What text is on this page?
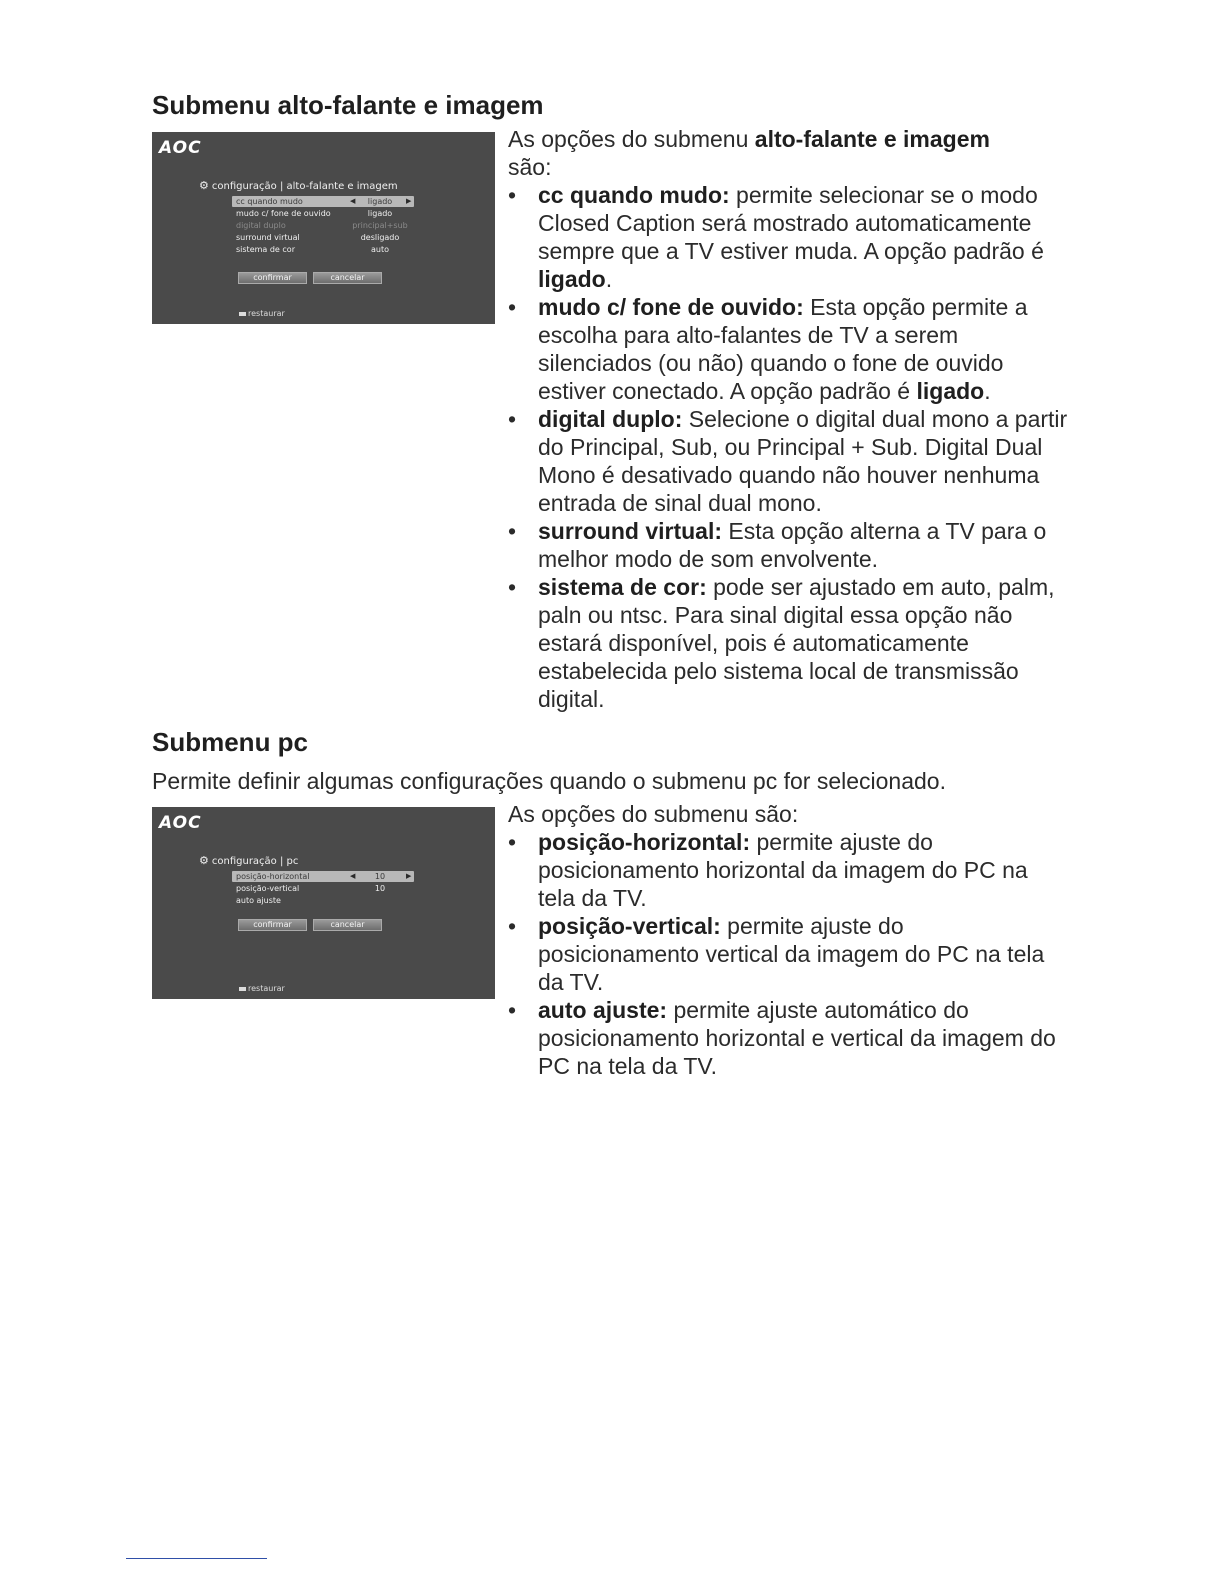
Submenu alto-falante e imagem
AOC
⚙ configuração | alto-falante e imagem
cc quando mudo	◀	ligado	▶
mudo c/ fone de ouvido	ligado
digital duplo	principal+sub
surround virtual	desligado
sistema de cor	auto
confirmar	cancelar
restaurar

As opções do submenu alto-falante e imagem
são:

• cc quando mudo: permite selecionar se o modo Closed Caption será mostrado automaticamente sempre que a TV estiver muda. A opção padrão é ligado.
• mudo c/ fone de ouvido: Esta opção permite a escolha para alto-falantes de TV a serem silenciados (ou não) quando o fone de ouvido estiver conectado. A opção padrão é ligado.
• digital duplo: Selecione o digital dual mono a partir do Principal, Sub, ou Principal + Sub. Digital Dual Mono é desativado quando não houver nenhuma entrada de sinal dual mono.
• surround virtual: Esta opção alterna a TV para o melhor modo de som envolvente.
• sistema de cor: pode ser ajustado em auto, palm, paln ou ntsc. Para sinal digital essa opção não estará disponível, pois é automaticamente estabelecida pelo sistema local de transmissão digital.
Submenu pc

Permite definir algumas configurações quando o submenu pc for selecionado.

AOC
⚙ configuração | pc
posição-horizontal	◀	10	▶
posição-vertical	10
auto ajuste
confirmar	cancelar
restaurar

As opções do submenu são:

• posição-horizontal: permite ajuste do posicionamento horizontal da imagem do PC na tela da TV.
• posição-vertical: permite ajuste do posicionamento vertical da imagem do PC na tela da TV.
• auto ajuste: permite ajuste automático do posicionamento horizontal e vertical da imagem do PC na tela da TV.
